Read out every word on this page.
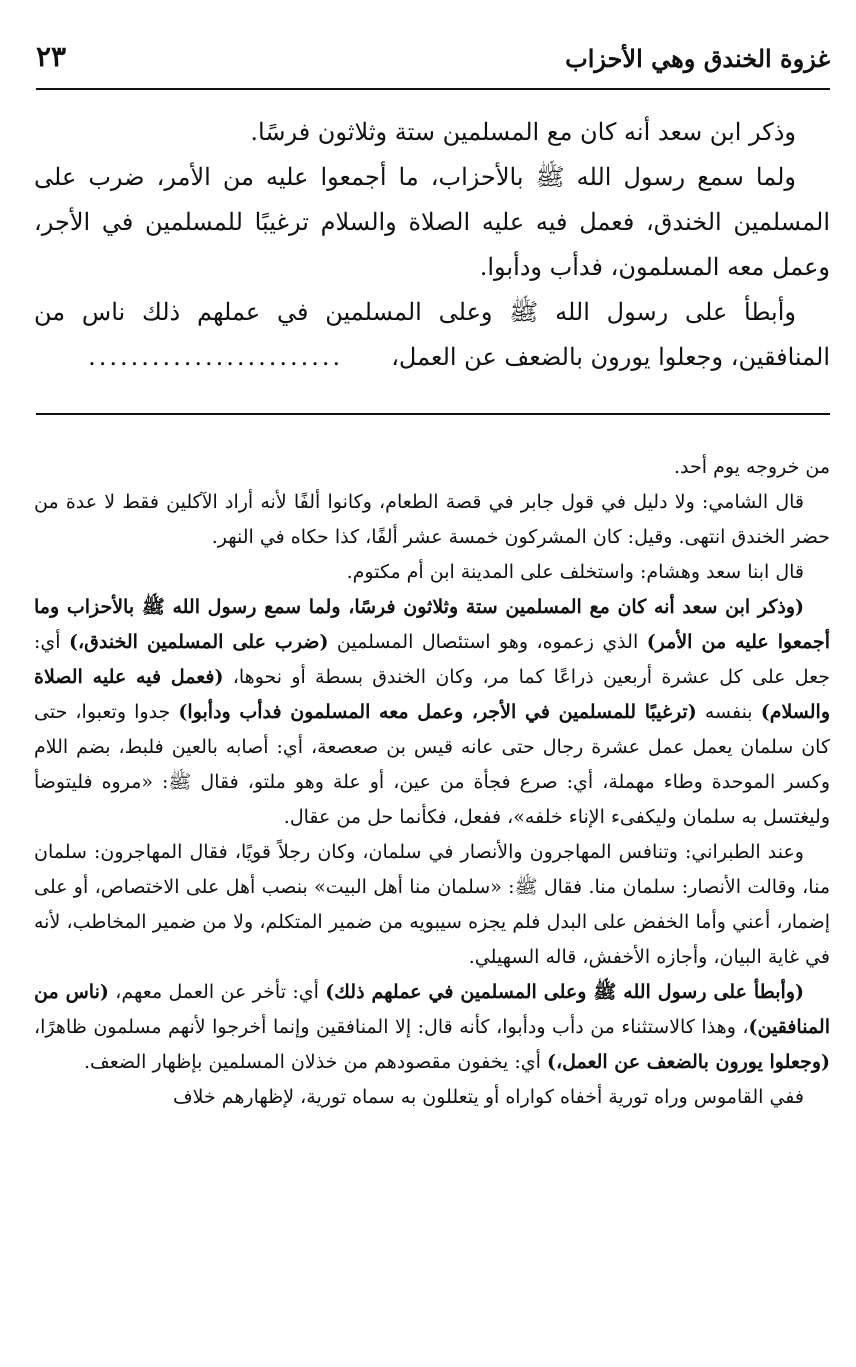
غزوة الخندق وهي الأحزاب
٢٣

وذكر ابن سعد أنه كان مع المسلمين ستة وثلاثون فرسًا.

ولما سمع رسول الله ﷺ بالأحزاب، ما أجمعوا عليه من الأمر، ضرب على المسلمين الخندق، فعمل فيه عليه الصلاة والسلام ترغيبًا للمسلمين في الأجر، وعمل معه المسلمون، فدأب ودأبوا.

وأبطأ على رسول الله ﷺ وعلى المسلمين في عملهم ذلك ناس من المنافقين، وجعلوا يورون بالضعف عن العمل،........................

من خروجه يوم أحد.

قال الشامي: ولا دليل في قول جابر في قصة الطعام، وكانوا ألفًا لأنه أراد الآكلين فقط لا عدة من حضر الخندق انتهى. وقيل: كان المشركون خمسة عشر ألفًا، كذا حكاه في النهر.

قال ابنا سعد وهشام: واستخلف على المدينة ابن أم مكتوم.

(وذكر ابن سعد أنه كان مع المسلمين ستة وثلاثون فرسًا، ولما سمع رسول الله ﷺ بالأحزاب وما أجمعوا عليه من الأمر) الذي زعموه، وهو استئصال المسلمين (ضرب على المسلمين الخندق،) أي: جعل على كل عشرة أربعين ذراعًا كما مر، وكان الخندق بسطة أو نحوها، (فعمل فيه عليه الصلاة والسلام) بنفسه (ترغيبًا للمسلمين في الأجر، وعمل معه المسلمون فدأب ودأبوا) جدوا وتعبوا، حتى كان سلمان يعمل عمل عشرة رجال حتى عانه قيس بن صعصعة، أي: أصابه بالعين فلبط، بضم اللام وكسر الموحدة وطاء مهملة، أي: صرع فجأة من عين، أو علة وهو ملتو، فقال ﷺ: «مروه فليتوضأ وليغتسل به سلمان وليكفىء الإناء خلفه»، ففعل، فكأنما حل من عقال.

وعند الطبراني: وتنافس المهاجرون والأنصار في سلمان، وكان رجلاً قويًا، فقال المهاجرون: سلمان منا، وقالت الأنصار: سلمان منا. فقال ﷺ: «سلمان منا أهل البيت» بنصب أهل على الاختصاص، أو على إضمار، أعني وأما الخفض على البدل فلم يجزه سيبويه من ضمير المتكلم، ولا من ضمير المخاطب، لأنه في غاية البيان، وأجازه الأخفش، قاله السهيلي.

(وأبطأ على رسول الله ﷺ وعلى المسلمين في عملهم ذلك) أي: تأخر عن العمل معهم، (ناس من المنافقين)، وهذا كالاستثناء من دأب ودأبوا، كأنه قال: إلا المنافقين وإنما أخرجوا لأنهم مسلمون ظاهرًا، (وجعلوا يورون بالضعف عن العمل،) أي: يخفون مقصودهم من خذلان المسلمين بإظهار الضعف.

ففي القاموس وراه تورية أخفاه كواراه أو يتعللون به سماه تورية، لإظهارهم خلاف
